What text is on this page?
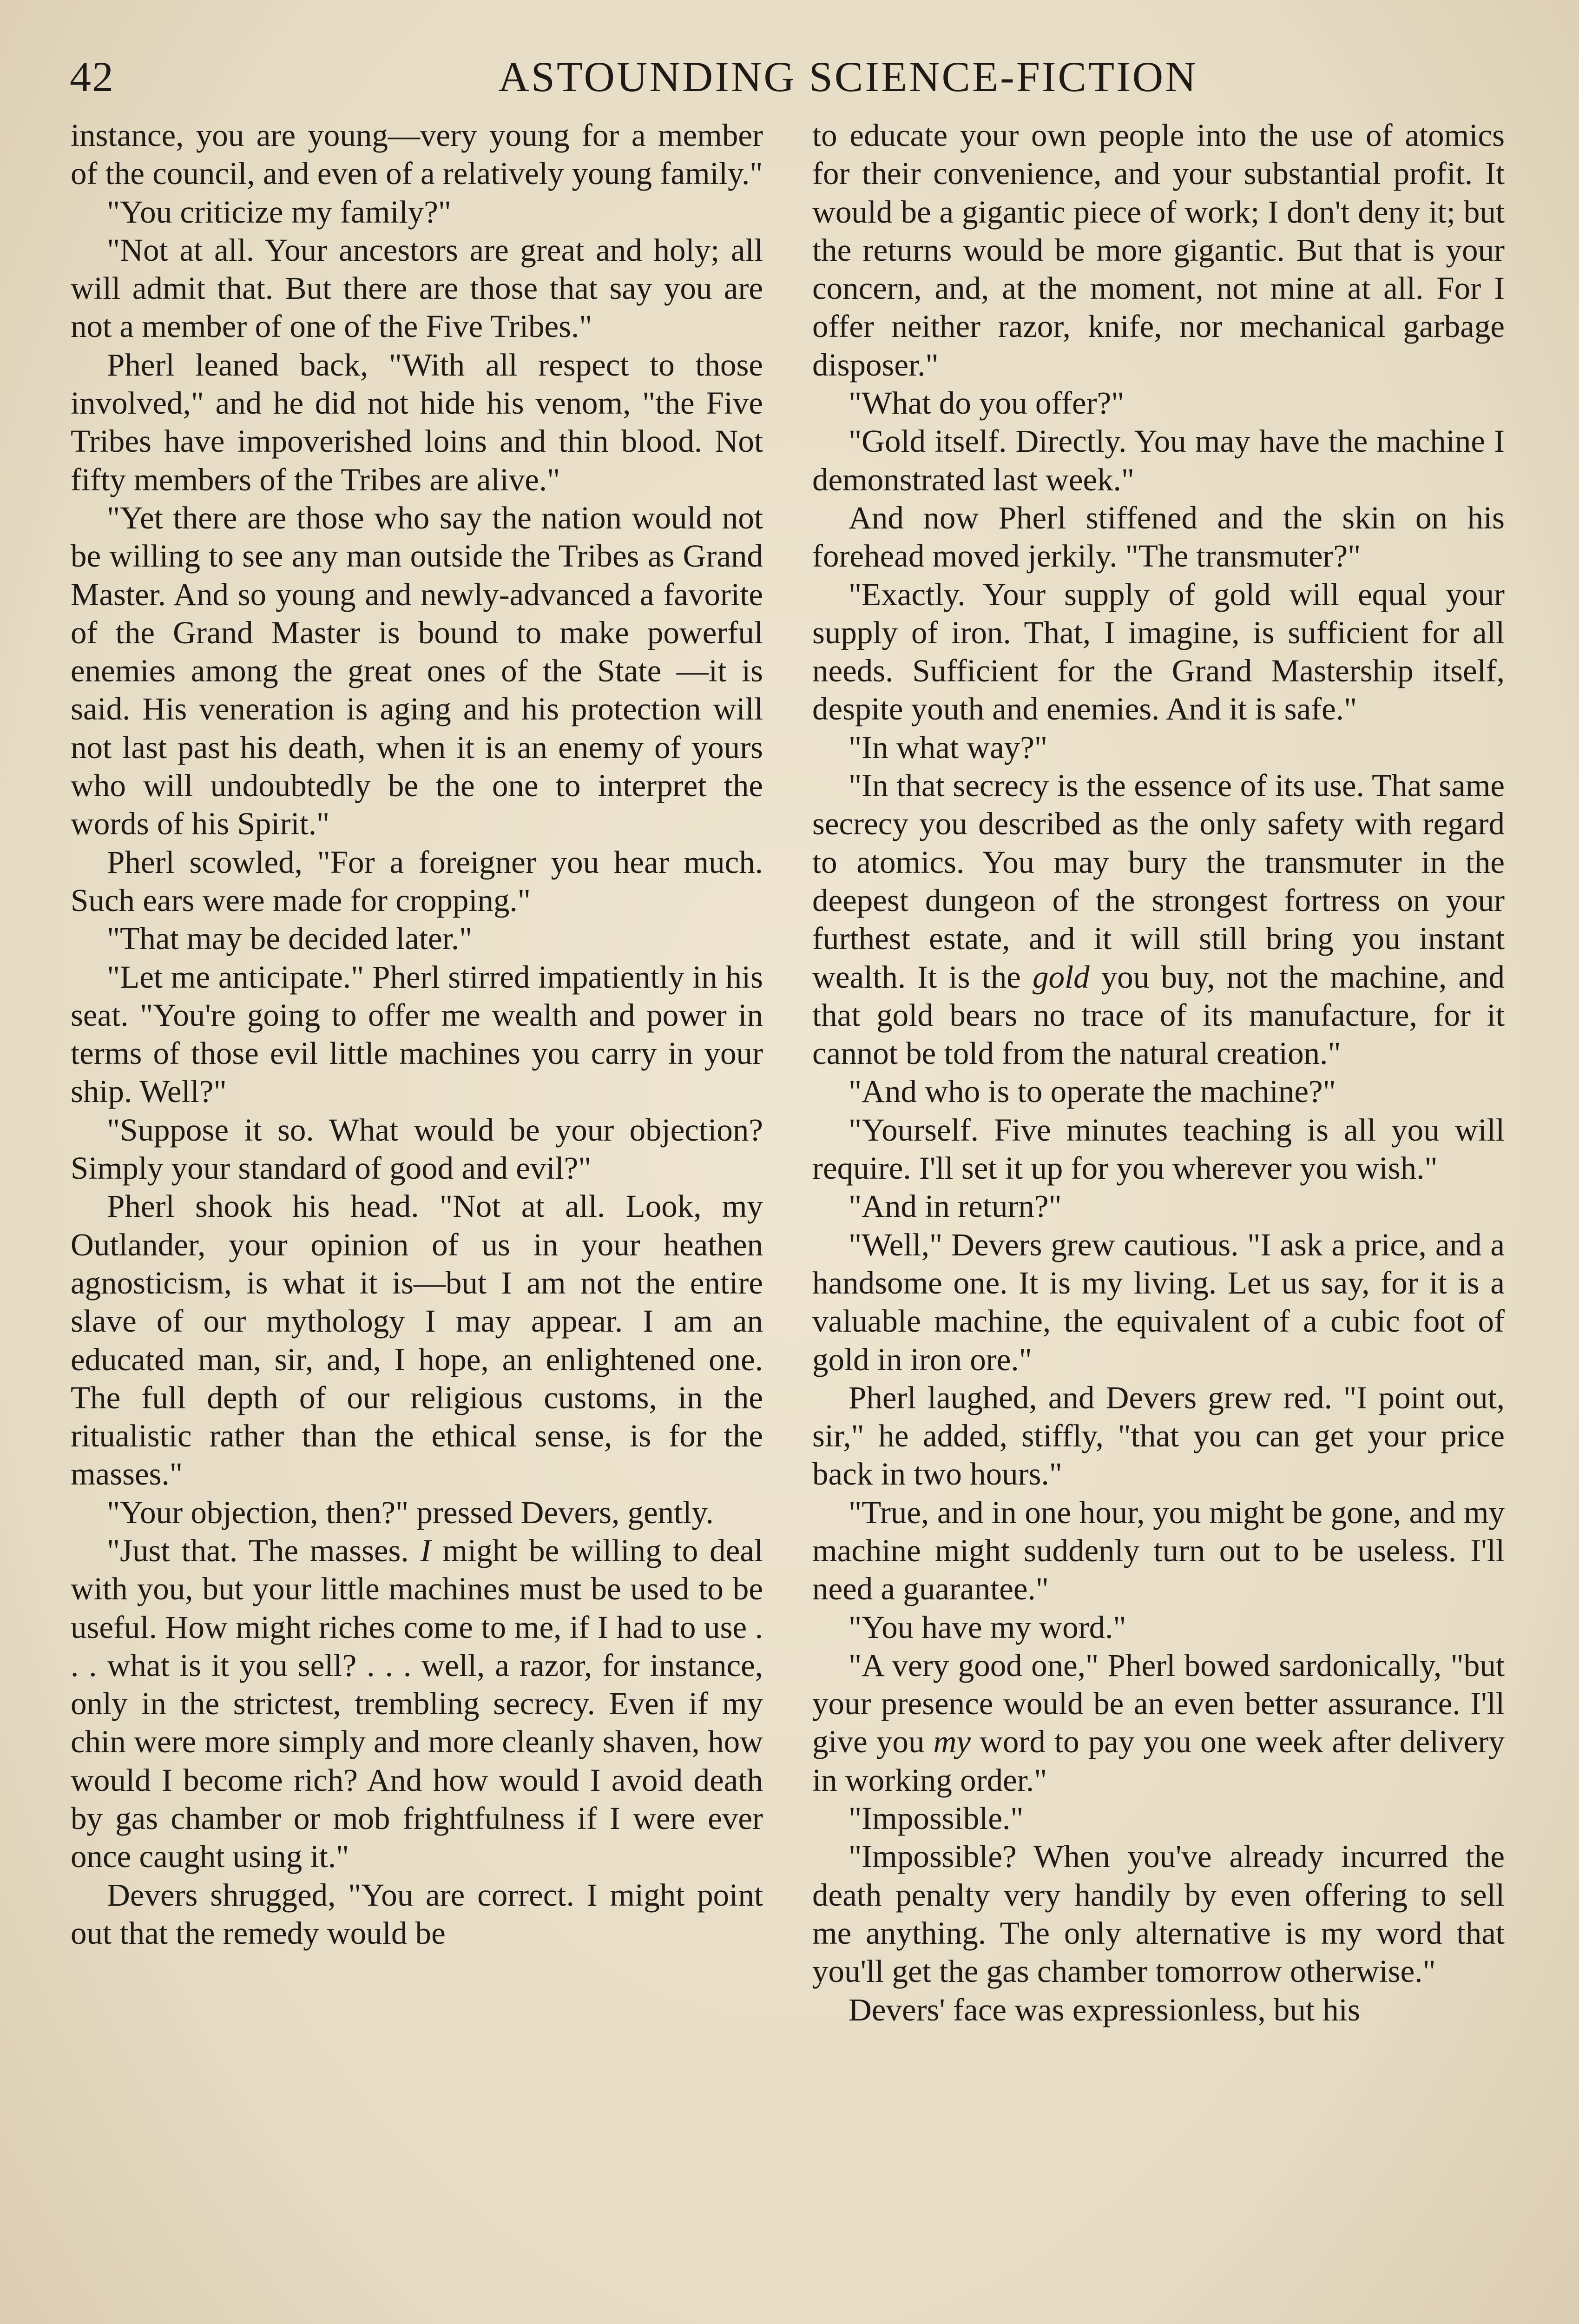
42	ASTOUNDING SCIENCE-FICTION

instance, you are young—very young for a member of the council, and even of a relatively young family."

"You criticize my family?"

"Not at all. Your ancestors are great and holy; all will admit that. But there are those that say you are not a member of one of the Five Tribes."

Pherl leaned back, "With all respect to those involved," and he did not hide his venom, "the Five Tribes have impoverished loins and thin blood. Not fifty members of the Tribes are alive."

"Yet there are those who say the nation would not be willing to see any man outside the Tribes as Grand Master. And so young and newly-advanced a favorite of the Grand Master is bound to make powerful enemies among the great ones of the State —it is said. His veneration is aging and his protection will not last past his death, when it is an enemy of yours who will undoubtedly be the one to interpret the words of his Spirit."

Pherl scowled, "For a foreigner you hear much. Such ears were made for cropping."

"That may be decided later."

"Let me anticipate." Pherl stirred impatiently in his seat. "You're going to offer me wealth and power in terms of those evil little machines you carry in your ship. Well?"

"Suppose it so. What would be your objection? Simply your standard of good and evil?"

Pherl shook his head. "Not at all. Look, my Outlander, your opinion of us in your heathen agnosticism, is what it is—but I am not the entire slave of our mythology I may appear. I am an educated man, sir, and, I hope, an enlightened one. The full depth of our religious customs, in the ritualistic rather than the ethical sense, is for the masses."

"Your objection, then?" pressed Devers, gently.

"Just that. The masses. I might be willing to deal with you, but your little machines must be used to be useful. How might riches come to me, if I had to use . . . what is it you sell? . . . well, a razor, for instance, only in the strictest, trembling secrecy. Even if my chin were more simply and more cleanly shaven, how would I become rich? And how would I avoid death by gas chamber or mob frightfulness if I were ever once caught using it."

Devers shrugged, "You are correct. I might point out that the remedy would be

to educate your own people into the use of atomics for their convenience, and your substantial profit. It would be a gigantic piece of work; I don't deny it; but the returns would be more gigantic. But that is your concern, and, at the moment, not mine at all. For I offer neither razor, knife, nor mechanical garbage disposer."

"What do you offer?"

"Gold itself. Directly. You may have the machine I demonstrated last week."

And now Pherl stiffened and the skin on his forehead moved jerkily. "The transmuter?"

"Exactly. Your supply of gold will equal your supply of iron. That, I imagine, is sufficient for all needs. Sufficient for the Grand Mastership itself, despite youth and enemies. And it is safe."

"In what way?"

"In that secrecy is the essence of its use. That same secrecy you described as the only safety with regard to atomics. You may bury the transmuter in the deepest dungeon of the strongest fortress on your furthest estate, and it will still bring you instant wealth. It is the gold you buy, not the machine, and that gold bears no trace of its manufacture, for it cannot be told from the natural creation."

"And who is to operate the machine?"

"Yourself. Five minutes teaching is all you will require. I'll set it up for you wherever you wish."

"And in return?"

"Well," Devers grew cautious. "I ask a price, and a handsome one. It is my living. Let us say, for it is a valuable machine, the equivalent of a cubic foot of gold in iron ore."

Pherl laughed, and Devers grew red. "I point out, sir," he added, stiffly, "that you can get your price back in two hours."

"True, and in one hour, you might be gone, and my machine might suddenly turn out to be useless. I'll need a guarantee."

"You have my word."

"A very good one," Pherl bowed sardonically, "but your presence would be an even better assurance. I'll give you my word to pay you one week after delivery in working order."

"Impossible."

"Impossible? When you've already incurred the death penalty very handily by even offering to sell me anything. The only alternative is my word that you'll get the gas chamber tomorrow otherwise."

Devers' face was expressionless, but his
